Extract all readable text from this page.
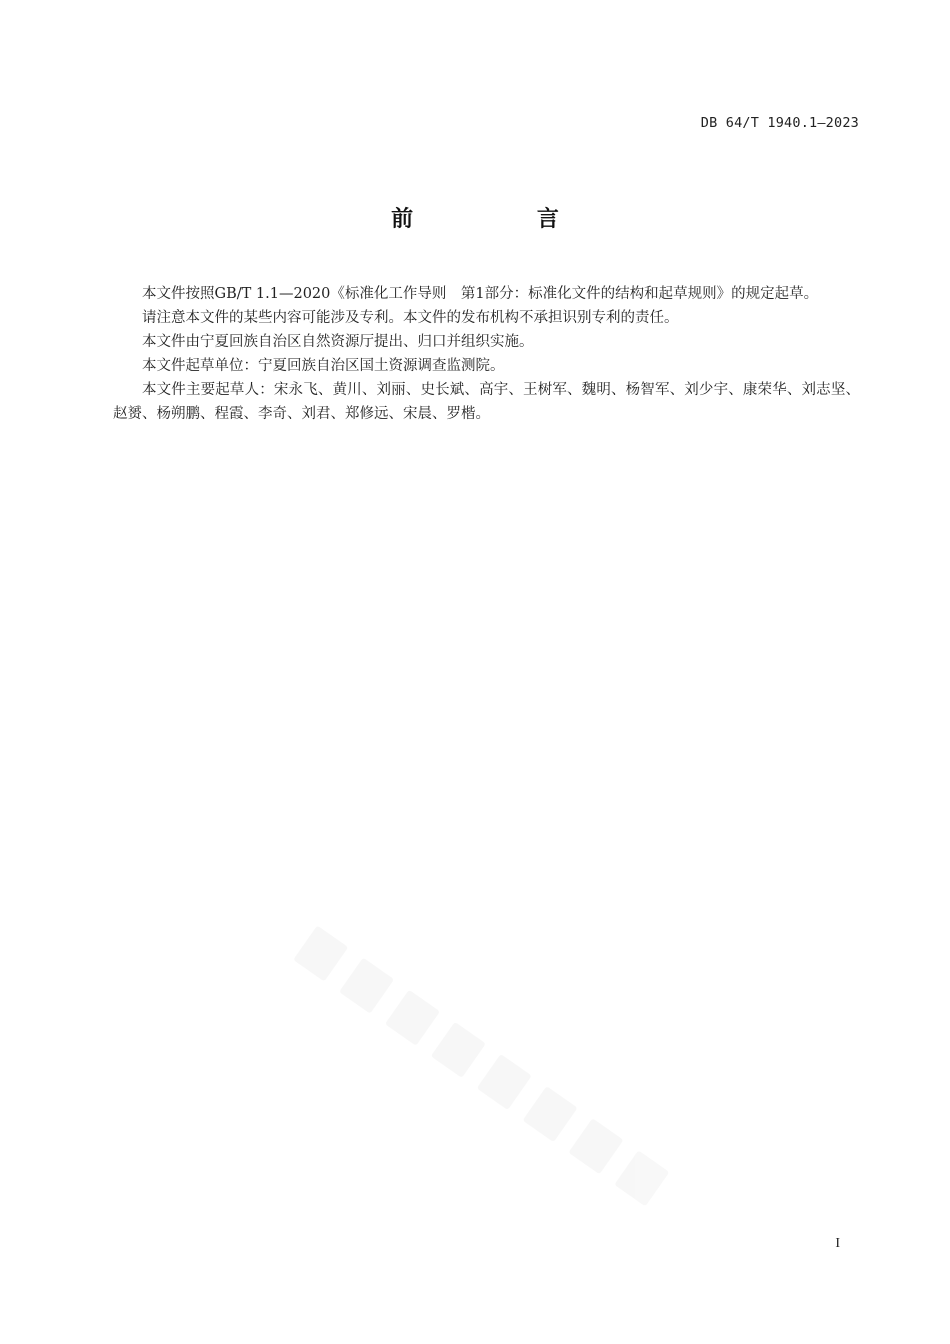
DB 64/T 1940.1—2023
前 言

本文件按照GB/T 1.1—2020《标准化工作导则　第1部分：标准化文件的结构和起草规则》的规定起草。

请注意本文件的某些内容可能涉及专利。本文件的发布机构不承担识别专利的责任。

本文件由宁夏回族自治区自然资源厅提出、归口并组织实施。

本文件起草单位：宁夏回族自治区国土资源调查监测院。

本文件主要起草人：宋永飞、黄川、刘丽、史长斌、高宇、王树军、魏明、杨智军、刘少宇、康荣华、刘志坚、赵赟、杨朔鹏、程霞、李奇、刘君、郑修远、宋晨、罗楷。

I
